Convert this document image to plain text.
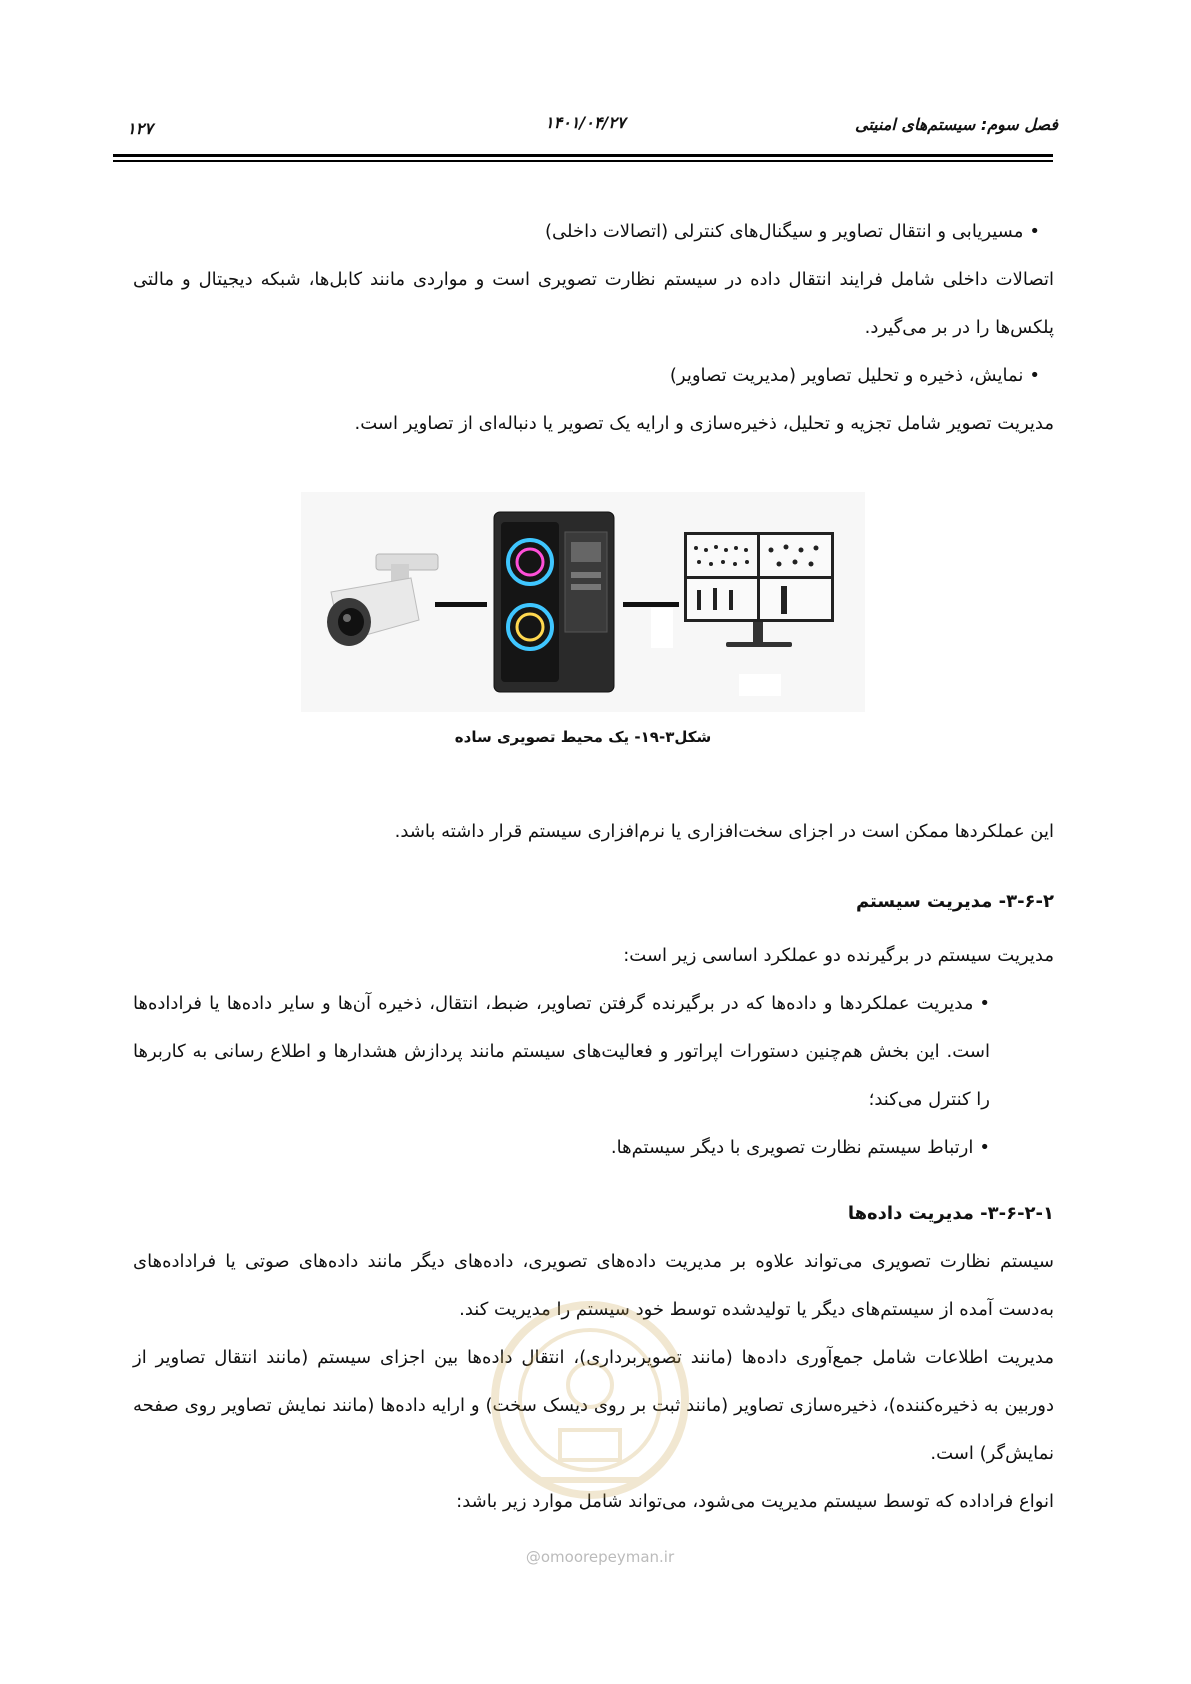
فصل سوم: سیستم‌های امنیتی
۱۴۰۱/۰۴/۲۷
۱۲۷

•مسیریابی و انتقال تصاویر و سیگنال‌های کنترلی (اتصالات داخلی)

اتصالات داخلی شامل فرایند انتقال داده در سیستم نظارت تصویری است و مواردی مانند کابل‌ها، شبکه دیجیتال و مالتی پلکس‌ها را در بر می‌گیرد.

•نمایش، ذخیره و تحلیل تصاویر (مدیریت تصاویر)

مدیریت تصویر شامل تجزیه و تحلیل، ذخیره‌سازی و ارایه یک تصویر یا دنباله‌ای از تصاویر است.

شکل۳-۱۹- یک محیط تصویری ساده

این عملکردها ممکن است در اجزای سخت‌افزاری یا نرم‌افزاری سیستم قرار داشته باشد.

۳-۶-۲- مدیریت سیستم

مدیریت سیستم در برگیرنده دو عملکرد اساسی زیر است:

•مدیریت عملکردها و داده‌ها که در برگیرنده گرفتن تصاویر، ضبط، انتقال، ذخیره آن‌ها و سایر داده‌ها یا فراداده‌ها است. این بخش هم‌چنین دستورات اپراتور و فعالیت‌های سیستم مانند پردازش هشدارها و اطلاع رسانی به کاربرها را کنترل می‌کند؛

•ارتباط سیستم نظارت تصویری با دیگر سیستم‌ها.

۳-۶-۲-۱- مدیریت داده‌ها

سیستم نظارت تصویری می‌تواند علاوه بر مدیریت داده‌های تصویری، داده‌های دیگر مانند داده‌های صوتی یا فراداده‌های به‌دست آمده از سیستم‌های دیگر یا تولیدشده توسط خود سیستم را مدیریت کند.

مدیریت اطلاعات شامل جمع‌آوری داده‌ها (مانند تصویربرداری)، انتقال داده‌ها بین اجزای سیستم (مانند انتقال تصاویر از دوربین به ذخیره‌کننده)، ذخیره‌سازی تصاویر (مانند ثبت بر روی دیسک سخت) و ارایه داده‌ها (مانند نمایش تصاویر روی صفحه نمایش‌گر) است.

انواع فراداده که توسط سیستم مدیریت می‌شود، می‌تواند شامل موارد زیر باشد:

@omoorepeyman.ir
